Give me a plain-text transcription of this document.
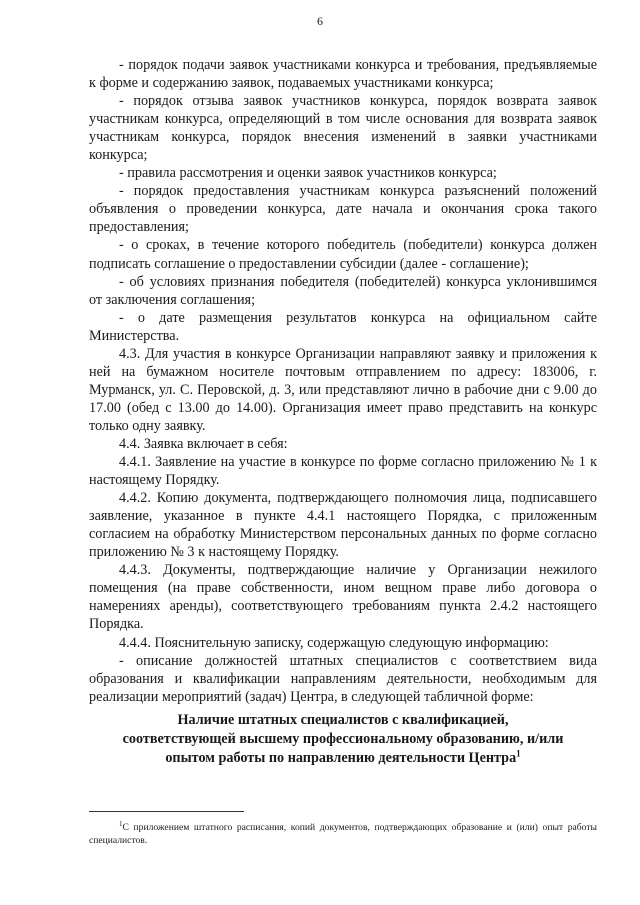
6

- порядок подачи заявок участниками конкурса и требования, предъявляемые к форме и содержанию заявок, подаваемых участниками конкурса;

- порядок отзыва заявок участников конкурса, порядок возврата заявок участникам конкурса, определяющий в том числе основания для возврата заявок участникам конкурса, порядок внесения изменений в заявки участниками конкурса;

- правила рассмотрения и оценки заявок участников конкурса;

- порядок предоставления участникам конкурса разъяснений положений объявления о проведении конкурса, дате начала и окончания срока такого предоставления;

- о сроках, в течение которого победитель (победители) конкурса должен подписать соглашение о предоставлении субсидии (далее - соглашение);

- об условиях признания победителя (победителей) конкурса уклонившимся от заключения соглашения;

- о дате размещения результатов конкурса на официальном сайте Министерства.

4.3. Для участия в конкурсе Организации направляют заявку и приложения к ней на бумажном носителе почтовым отправлением по адресу: 183006, г. Мурманск, ул. С. Перовской, д. 3, или представляют лично в рабочие дни с 9.00 до 17.00 (обед с 13.00 до 14.00). Организация имеет право представить на конкурс только одну заявку.

4.4. Заявка включает в себя:

4.4.1. Заявление на участие в конкурсе по форме согласно приложению № 1 к настоящему Порядку.

4.4.2. Копию документа, подтверждающего полномочия лица, подписавшего заявление, указанное в пункте 4.4.1 настоящего Порядка, с приложенным согласием на обработку Министерством персональных данных по форме согласно приложению № 3 к настоящему Порядку.

4.4.3. Документы, подтверждающие наличие у Организации нежилого помещения (на праве собственности, ином вещном праве либо договора о намерениях аренды), соответствующего требованиям пункта 2.4.2 настоящего Порядка.

4.4.4. Пояснительную записку, содержащую следующую информацию:

- описание должностей штатных специалистов с соответствием вида образования и квалификации направлениям деятельности, необходимым для реализации мероприятий (задач) Центра, в следующей табличной форме:

Наличие штатных специалистов с квалификацией,
соответствующей высшему профессиональному образованию, и/или
опытом работы по направлению деятельности Центра$^1$
$^1$С приложением штатного расписания, копий документов, подтверждающих образование и (или) опыт работы специалистов.
